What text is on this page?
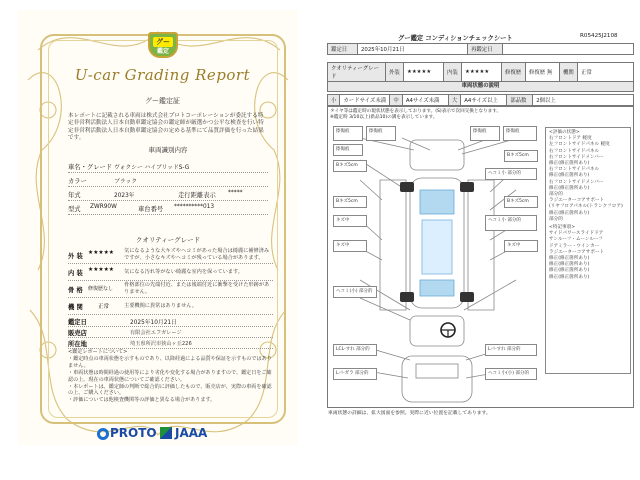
グー
鑑定
U-car Grading Report
グー鑑定証
本レポートに記載される車両は株式会社プロトコーポレーションが委託する特定非営利活動法人日本自動車鑑定協会の鑑定師が厳選かつ公平な検査を行い特定非営利活動法人日本自動車鑑定協会の定める基準にて品質評価を行った結果です。
車両識別内容
車名・グレード ヴォクシー ハイブリッドS-G
カラー	ブラック
年式	2023年	走行距離表示 *****
型式 ZWR90W	車台番号 **********013
クオリティーグレード
外 装 ★★★★★ 気になるような大キズやヘコミがあった場合は綺麗に補修済みですが、小さなキズやヘコミが残っている場合があります。
内 装 ★★★★★ 気になる汚れ等がない綺麗な室内を保っています。
骨 格 修復歴なし
骨格部位の先端付近、または後端付近に衝撃を受けた形跡がありません。
機 関	正常	主要機関に異常はありません。
鑑定日	2025年10月21日
販売店	有限会社エフガレージ
所在地	埼玉県所沢市狭山ヶ丘226
<鑑定レポートについて>
・鑑定時点の車両状態を示すものであり、以降経過による品質や保証を示すものではありません。
・車両状態は時間経過の使用等により劣化や変化する場合がありますので、鑑定日をご確認の上、現在の車両状態についてご確認ください。
・本レポートは、鑑定師の判断で総合的に評価したもので、販売店が、実際の車両を確認の上、ご購入ください。
・評価については他検査機関等の評価と異なる場合があります。
PROTO JAAA
グー鑑定 コンディションチェックシート	R05425J2108
鑑定日	2025年10月21日	再鑑定日	
クオリティーグレード	外装	★★★★★	内装	★★★★★	修復歴	修復歴 無	機関	正常
車両状態の説明
小	カードサイズ未満	中	A4サイズ未満	大	A4サイズ以上	部品数	2個以上
タイヤ等は鑑定時の現状状態を表示しております。(S)表示で次回交換となります。
※鑑定時 3/10以上(新品10)の溝を表示しています。
擦傷痕	擦傷痕	擦傷痕	擦傷痕
擦傷痕
Bキズ5cm
Bキズ5cm
Bキズ5cm	Bキズ5cm
ヘコミ小 部分的
ヘコミ小 部分的
キズ中
キズ中	キズ中
ヘコミ(小) 部分的
LCL-すれ 部分的
Lパ-ガラ 部分的
Lパ-すれ 部分的
ヘコミ小(小) 部分的
<評価の状態>
右フロントドア 軽度
左フロントサイドパネル 軽度
右フロントサイドパネル
右フロントサイドメンバー
修正(修正箇所あり)
右フロントサイドパネル
修正(修正箇所あり)
右フロントサイドメンバー
修正(修正箇所あり)
部分的
ラジエーターコアサポート
(リヤフロアパネル(トランクフロア)
修正(修正箇所あり)
部分的
<特記事項>
サイドパワースライドドア
サンルーフ・ムーンルーフ
ドアミラー・ウインカー
ラジエーターコアサポート
修正(修正箇所あり)
修正(修正箇所あり)
修正(修正箇所あり)
修正(修正箇所あり)
車両状態の詳細は、拡大図面を参照。実際に近い位置を記載してあります。
